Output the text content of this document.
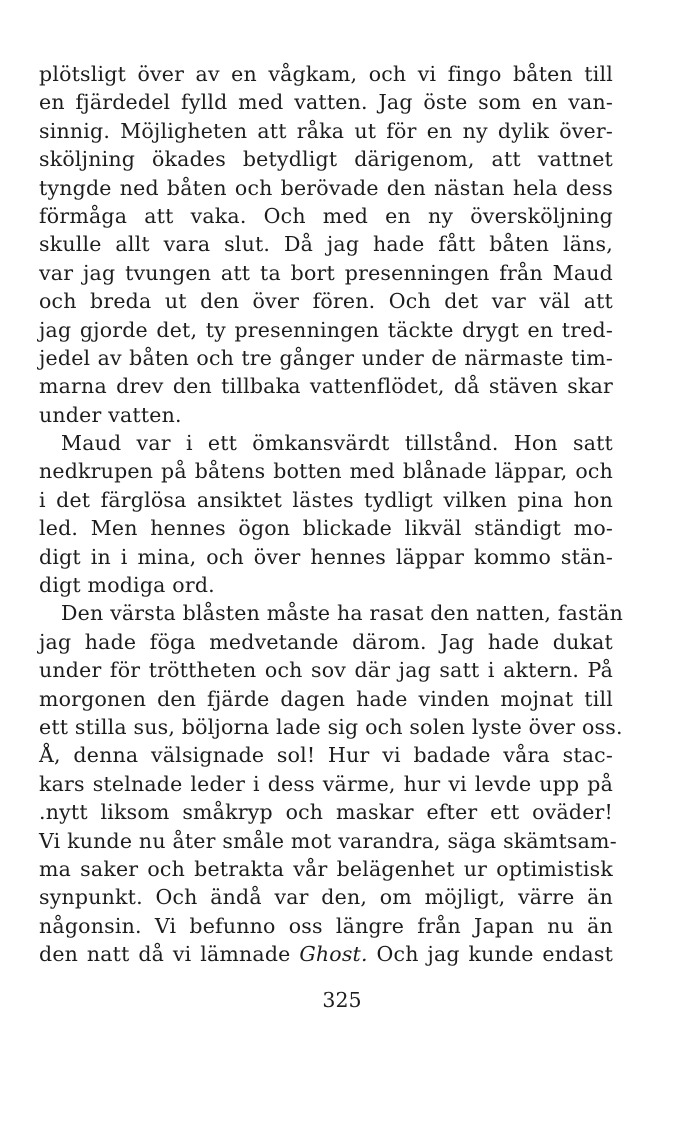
plötsligt över av en vågkam, och vi fingo båten till
en fjärdedel fylld med vatten. Jag öste som en van-
sinnig. Möjligheten att råka ut för en ny dylik över-
sköljning ökades betydligt därigenom, att vattnet
tyngde ned båten och berövade den nästan hela dess
förmåga att vaka. Och med en ny översköljning
skulle allt vara slut. Då jag hade fått båten läns,
var jag tvungen att ta bort presenningen från Maud
och breda ut den över fören. Och det var väl att
jag gjorde det, ty presenningen täckte drygt en tred-
jedel av båten och tre gånger under de närmaste tim-
marna drev den tillbaka vattenflödet, då stäven skar
under vatten.
Maud var i ett ömkansvärdt tillstånd. Hon satt
nedkrupen på båtens botten med blånade läppar, och
i det färglösa ansiktet lästes tydligt vilken pina hon
led. Men hennes ögon blickade likväl ständigt mo-
digt in i mina, och över hennes läppar kommo stän-
digt modiga ord.
Den värsta blåsten måste ha rasat den natten, fastän
jag hade föga medvetande därom. Jag hade dukat
under för tröttheten och sov där jag satt i aktern. På
morgonen den fjärde dagen hade vinden mojnat till
ett stilla sus, böljorna lade sig och solen lyste över oss.
Å, denna välsignade sol! Hur vi badade våra stac-
kars stelnade leder i dess värme, hur vi levde upp på
.nytt liksom småkryp och maskar efter ett oväder!
Vi kunde nu åter småle mot varandra, säga skämtsam-
ma saker och betrakta vår belägenhet ur optimistisk
synpunkt. Och ändå var den, om möjligt, värre än
någonsin. Vi befunno oss längre från Japan nu än
den natt då vi lämnade Ghost. Och jag kunde endast
325
